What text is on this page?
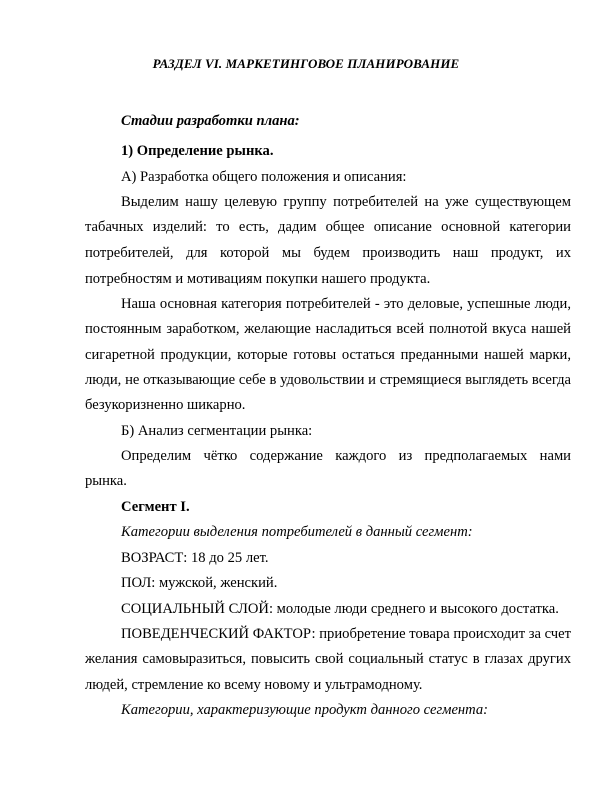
РАЗДЕЛ VI. МАРКЕТИНГОВОЕ ПЛАНИРОВАНИЕ
Стадии разработки плана:
1) Определение рынка.
А) Разработка общего положения и описания:
Выделим нашу целевую группу потребителей на уже существующем
табачных изделий: то есть, дадим общее описание основной категории
потребителей, для которой мы будем производить наш продукт, их
потребностям и мотивациям покупки нашего продукта.
Наша основная категория потребителей - это деловые, успешные люди,
постоянным заработком, желающие насладиться всей полнотой вкуса нашей
сигаретной продукции, которые готовы остаться преданными нашей марки,
люди, не отказывающие себе в удовольствии и стремящиеся выглядеть всегда
безукоризненно шикарно.
Б) Анализ сегментации рынка:
Определим чётко содержание каждого из предполагаемых нами
рынка.
Сегмент I.
Категории выделения потребителей в данный сегмент:
ВОЗРАСТ: 18 до 25 лет.
ПОЛ: мужской, женский.
СОЦИАЛЬНЫЙ СЛОЙ: молодые люди среднего и высокого достатка.
ПОВЕДЕНЧЕСКИЙ ФАКТОР: приобретение товара происходит за счет
желания самовыразиться, повысить свой социальный статус в глазах других
людей, стремление ко всему новому и ультрамодному.
Категории, характеризующие продукт данного сегмента:
